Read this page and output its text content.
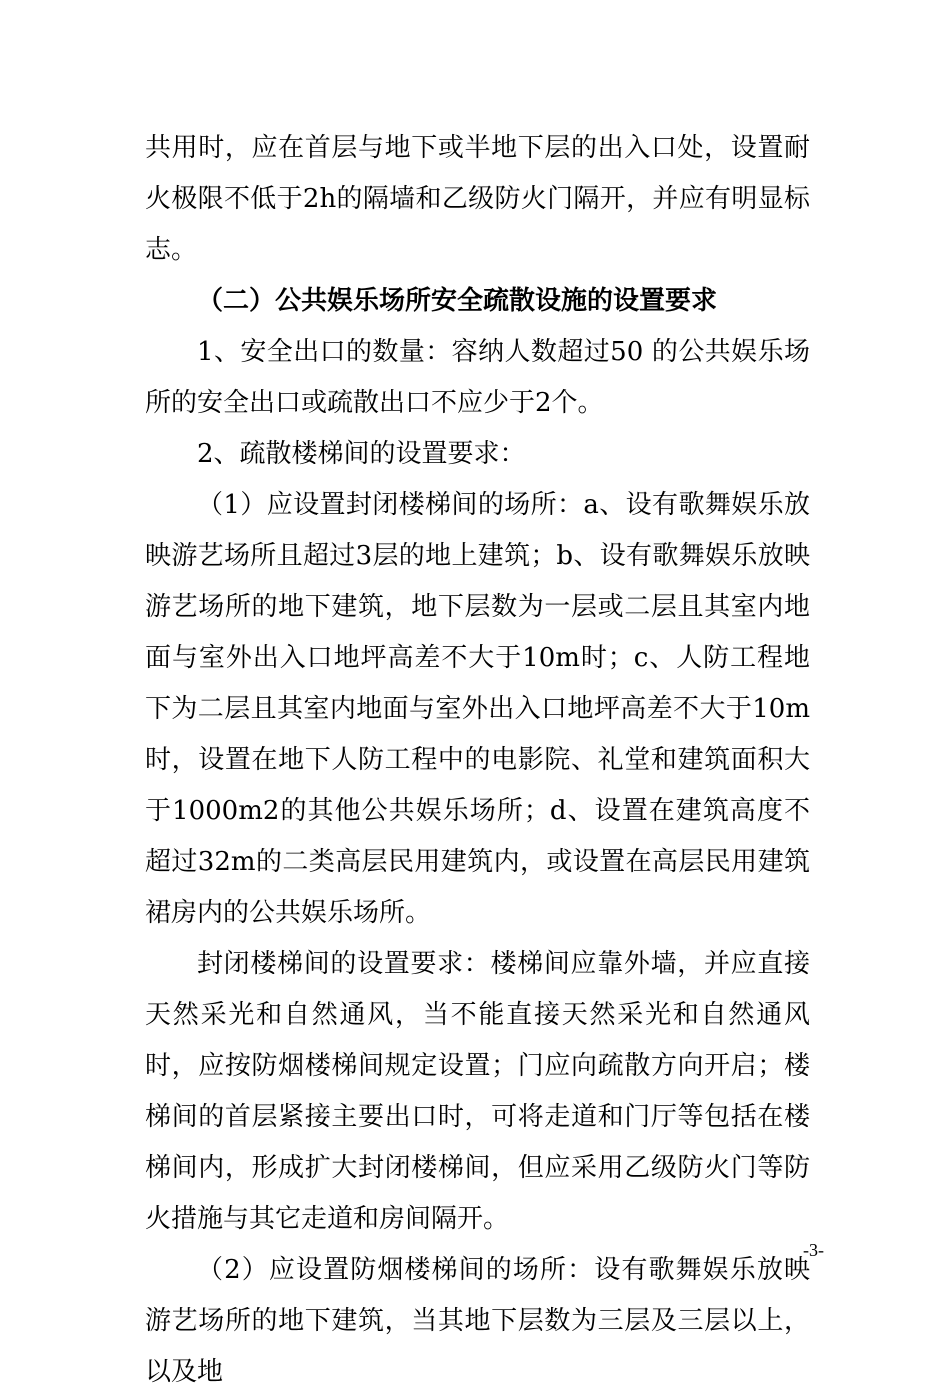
共用时，应在首层与地下或半地下层的出入口处，设置耐火极限不低于2h的隔墙和乙级防火门隔开，并应有明显标志。

（二）公共娱乐场所安全疏散设施的设置要求

1、安全出口的数量：容纳人数超过50 的公共娱乐场所的安全出口或疏散出口不应少于2个。

2、疏散楼梯间的设置要求：

（1）应设置封闭楼梯间的场所：a、设有歌舞娱乐放映游艺场所且超过3层的地上建筑；b、设有歌舞娱乐放映游艺场所的地下建筑，地下层数为一层或二层且其室内地面与室外出入口地坪高差不大于10m时；c、人防工程地下为二层且其室内地面与室外出入口地坪高差不大于10m时，设置在地下人防工程中的电影院、礼堂和建筑面积大于1000m2的其他公共娱乐场所；d、设置在建筑高度不超过32m的二类高层民用建筑内，或设置在高层民用建筑裙房内的公共娱乐场所。

封闭楼梯间的设置要求：楼梯间应靠外墙，并应直接天然采光和自然通风，当不能直接天然采光和自然通风时，应按防烟楼梯间规定设置；门应向疏散方向开启；楼梯间的首层紧接主要出口时，可将走道和门厅等包括在楼梯间内，形成扩大封闭楼梯间，但应采用乙级防火门等防火措施与其它走道和房间隔开。

（2）应设置防烟楼梯间的场所：设有歌舞娱乐放映游艺场所的地下建筑，当其地下层数为三层及三层以上，以及地

-3-
